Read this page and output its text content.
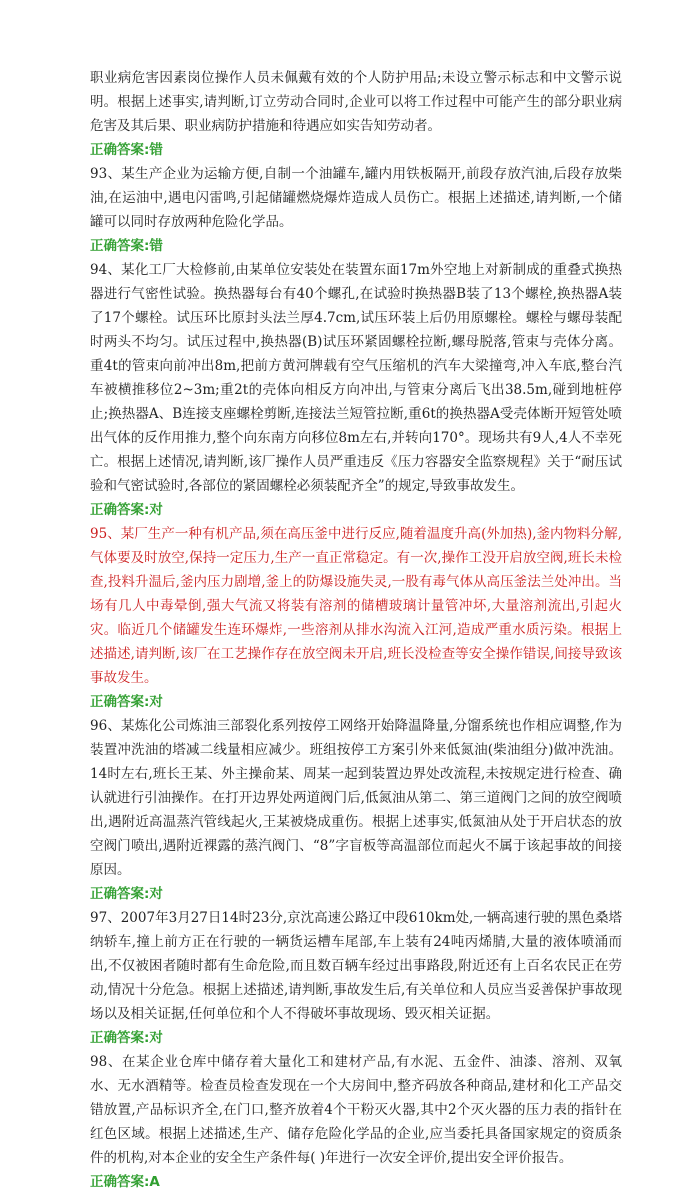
职业病危害因素岗位操作人员未佩戴有效的个人防护用品;未设立警示标志和中文警示说明。根据上述事实,请判断,订立劳动合同时,企业可以将工作过程中可能产生的部分职业病危害及其后果、职业病防护措施和待遇应如实告知劳动者。

正确答案:错

93、某生产企业为运输方便,自制一个油罐车,罐内用铁板隔开,前段存放汽油,后段存放柴油,在运油中,遇电闪雷鸣,引起储罐燃烧爆炸造成人员伤亡。根据上述描述,请判断,一个储罐可以同时存放两种危险化学品。

正确答案:错

94、某化工厂大检修前,由某单位安装处在装置东面17m外空地上对新制成的重叠式换热器进行气密性试验。换热器每台有40个螺孔,在试验时换热器B装了13个螺栓,换热器A装了17个螺栓。试压环比原封头法兰厚4.7cm,试压环装上后仍用原螺栓。螺栓与螺母装配时两头不均匀。试压过程中,换热器(B)试压环紧固螺栓拉断,螺母脱落,管束与壳体分离。重4t的管束向前冲出8m,把前方黄河牌载有空气压缩机的汽车大梁撞弯,冲入车底,整台汽车被横推移位2~3m;重2t的壳体向相反方向冲出,与管束分离后飞出38.5m,碰到地桩停止;换热器A、B连接支座螺栓剪断,连接法兰短管拉断,重6t的换热器A受壳体断开短管处喷出气体的反作用推力,整个向东南方向移位8m左右,并转向170°。现场共有9人,4人不幸死亡。根据上述情况,请判断,该厂操作人员严重违反《压力容器安全监察规程》关于“耐压试验和气密试验时,各部位的紧固螺栓必须装配齐全”的规定,导致事故发生。

正确答案:对

95、某厂生产一种有机产品,须在高压釜中进行反应,随着温度升高(外加热),釜内物料分解,气体要及时放空,保持一定压力,生产一直正常稳定。有一次,操作工没开启放空阀,班长未检查,投料升温后,釜内压力剧增,釜上的防爆设施失灵,一股有毒气体从高压釜法兰处冲出。当场有几人中毒晕倒,强大气流又将装有溶剂的储槽玻璃计量管冲坏,大量溶剂流出,引起火灾。临近几个储罐发生连环爆炸,一些溶剂从排水沟流入江河,造成严重水质污染。根据上述描述,请判断,该厂在工艺操作存在放空阀未开启,班长没检查等安全操作错误,间接导致该事故发生。

正确答案:对

96、某炼化公司炼油三部裂化系列按停工网络开始降温降量,分馏系统也作相应调整,作为装置冲洗油的塔减二线量相应减少。班组按停工方案引外来低氮油(柴油组分)做冲洗油。14时左右,班长王某、外主操俞某、周某一起到装置边界处改流程,未按规定进行检查、确认就进行引油操作。在打开边界处两道阀门后,低氮油从第二、第三道阀门之间的放空阀喷出,遇附近高温蒸汽管线起火,王某被烧成重伤。根据上述事实,低氮油从处于开启状态的放空阀门喷出,遇附近裸露的蒸汽阀门、“8”字盲板等高温部位而起火不属于该起事故的间接原因。

正确答案:对

97、2007年3月27日14时23分,京沈高速公路辽中段610km处,一辆高速行驶的黑色桑塔纳轿车,撞上前方正在行驶的一辆货运槽车尾部,车上装有24吨丙烯腈,大量的液体喷涌而出,不仅被困者随时都有生命危险,而且数百辆车经过出事路段,附近还有上百名农民正在劳动,情况十分危急。根据上述描述,请判断,事故发生后,有关单位和人员应当妥善保护事故现场以及相关证据,任何单位和个人不得破坏事故现场、毁灭相关证据。

正确答案:对

98、在某企业仓库中储存着大量化工和建材产品,有水泥、五金件、油漆、溶剂、双氧水、无水酒精等。检查员检查发现在一个大房间中,整齐码放各种商品,建材和化工产品交错放置,产品标识齐全,在门口,整齐放着4个干粉灭火器,其中2个灭火器的压力表的指针在红色区域。根据上述描述,生产、储存危险化学品的企业,应当委托具备国家规定的资质条件的机构,对本企业的安全生产条件每( )年进行一次安全评价,提出安全评价报告。

正确答案:A
